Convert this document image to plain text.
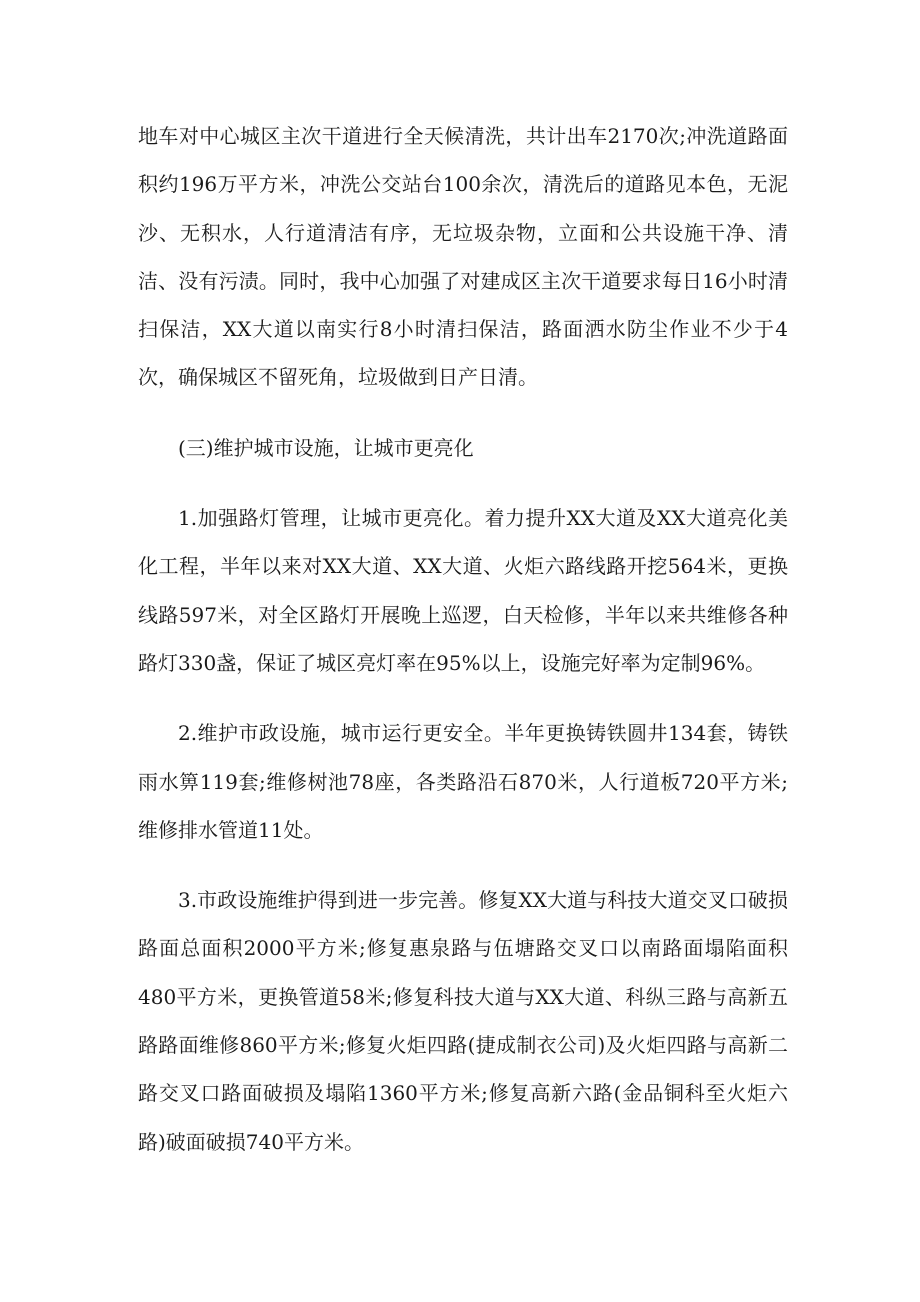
地车对中心城区主次干道进行全天候清洗，共计出车2170次;冲洗道路面积约196万平方米，冲洗公交站台100余次，清洗后的道路见本色，无泥沙、无积水，人行道清洁有序，无垃圾杂物，立面和公共设施干净、清洁、没有污渍。同时，我中心加强了对建成区主次干道要求每日16小时清扫保洁，XX大道以南实行8小时清扫保洁，路面洒水防尘作业不少于4次，确保城区不留死角，垃圾做到日产日清。

(三)维护城市设施，让城市更亮化

1.加强路灯管理，让城市更亮化。着力提升XX大道及XX大道亮化美化工程，半年以来对XX大道、XX大道、火炬六路线路开挖564米，更换线路597米，对全区路灯开展晚上巡逻，白天检修，半年以来共维修各种路灯330盏，保证了城区亮灯率在95%以上，设施完好率为定制96%。

2.维护市政设施，城市运行更安全。半年更换铸铁圆井134套，铸铁雨水箅119套;维修树池78座，各类路沿石870米，人行道板720平方米;维修排水管道11处。

3.市政设施维护得到进一步完善。修复XX大道与科技大道交叉口破损路面总面积2000平方米;修复惠泉路与伍塘路交叉口以南路面塌陷面积480平方米，更换管道58米;修复科技大道与XX大道、科纵三路与高新五路路面维修860平方米;修复火炬四路(捷成制衣公司)及火炬四路与高新二路交叉口路面破损及塌陷1360平方米;修复高新六路(金品铜科至火炬六路)破面破损740平方米。
